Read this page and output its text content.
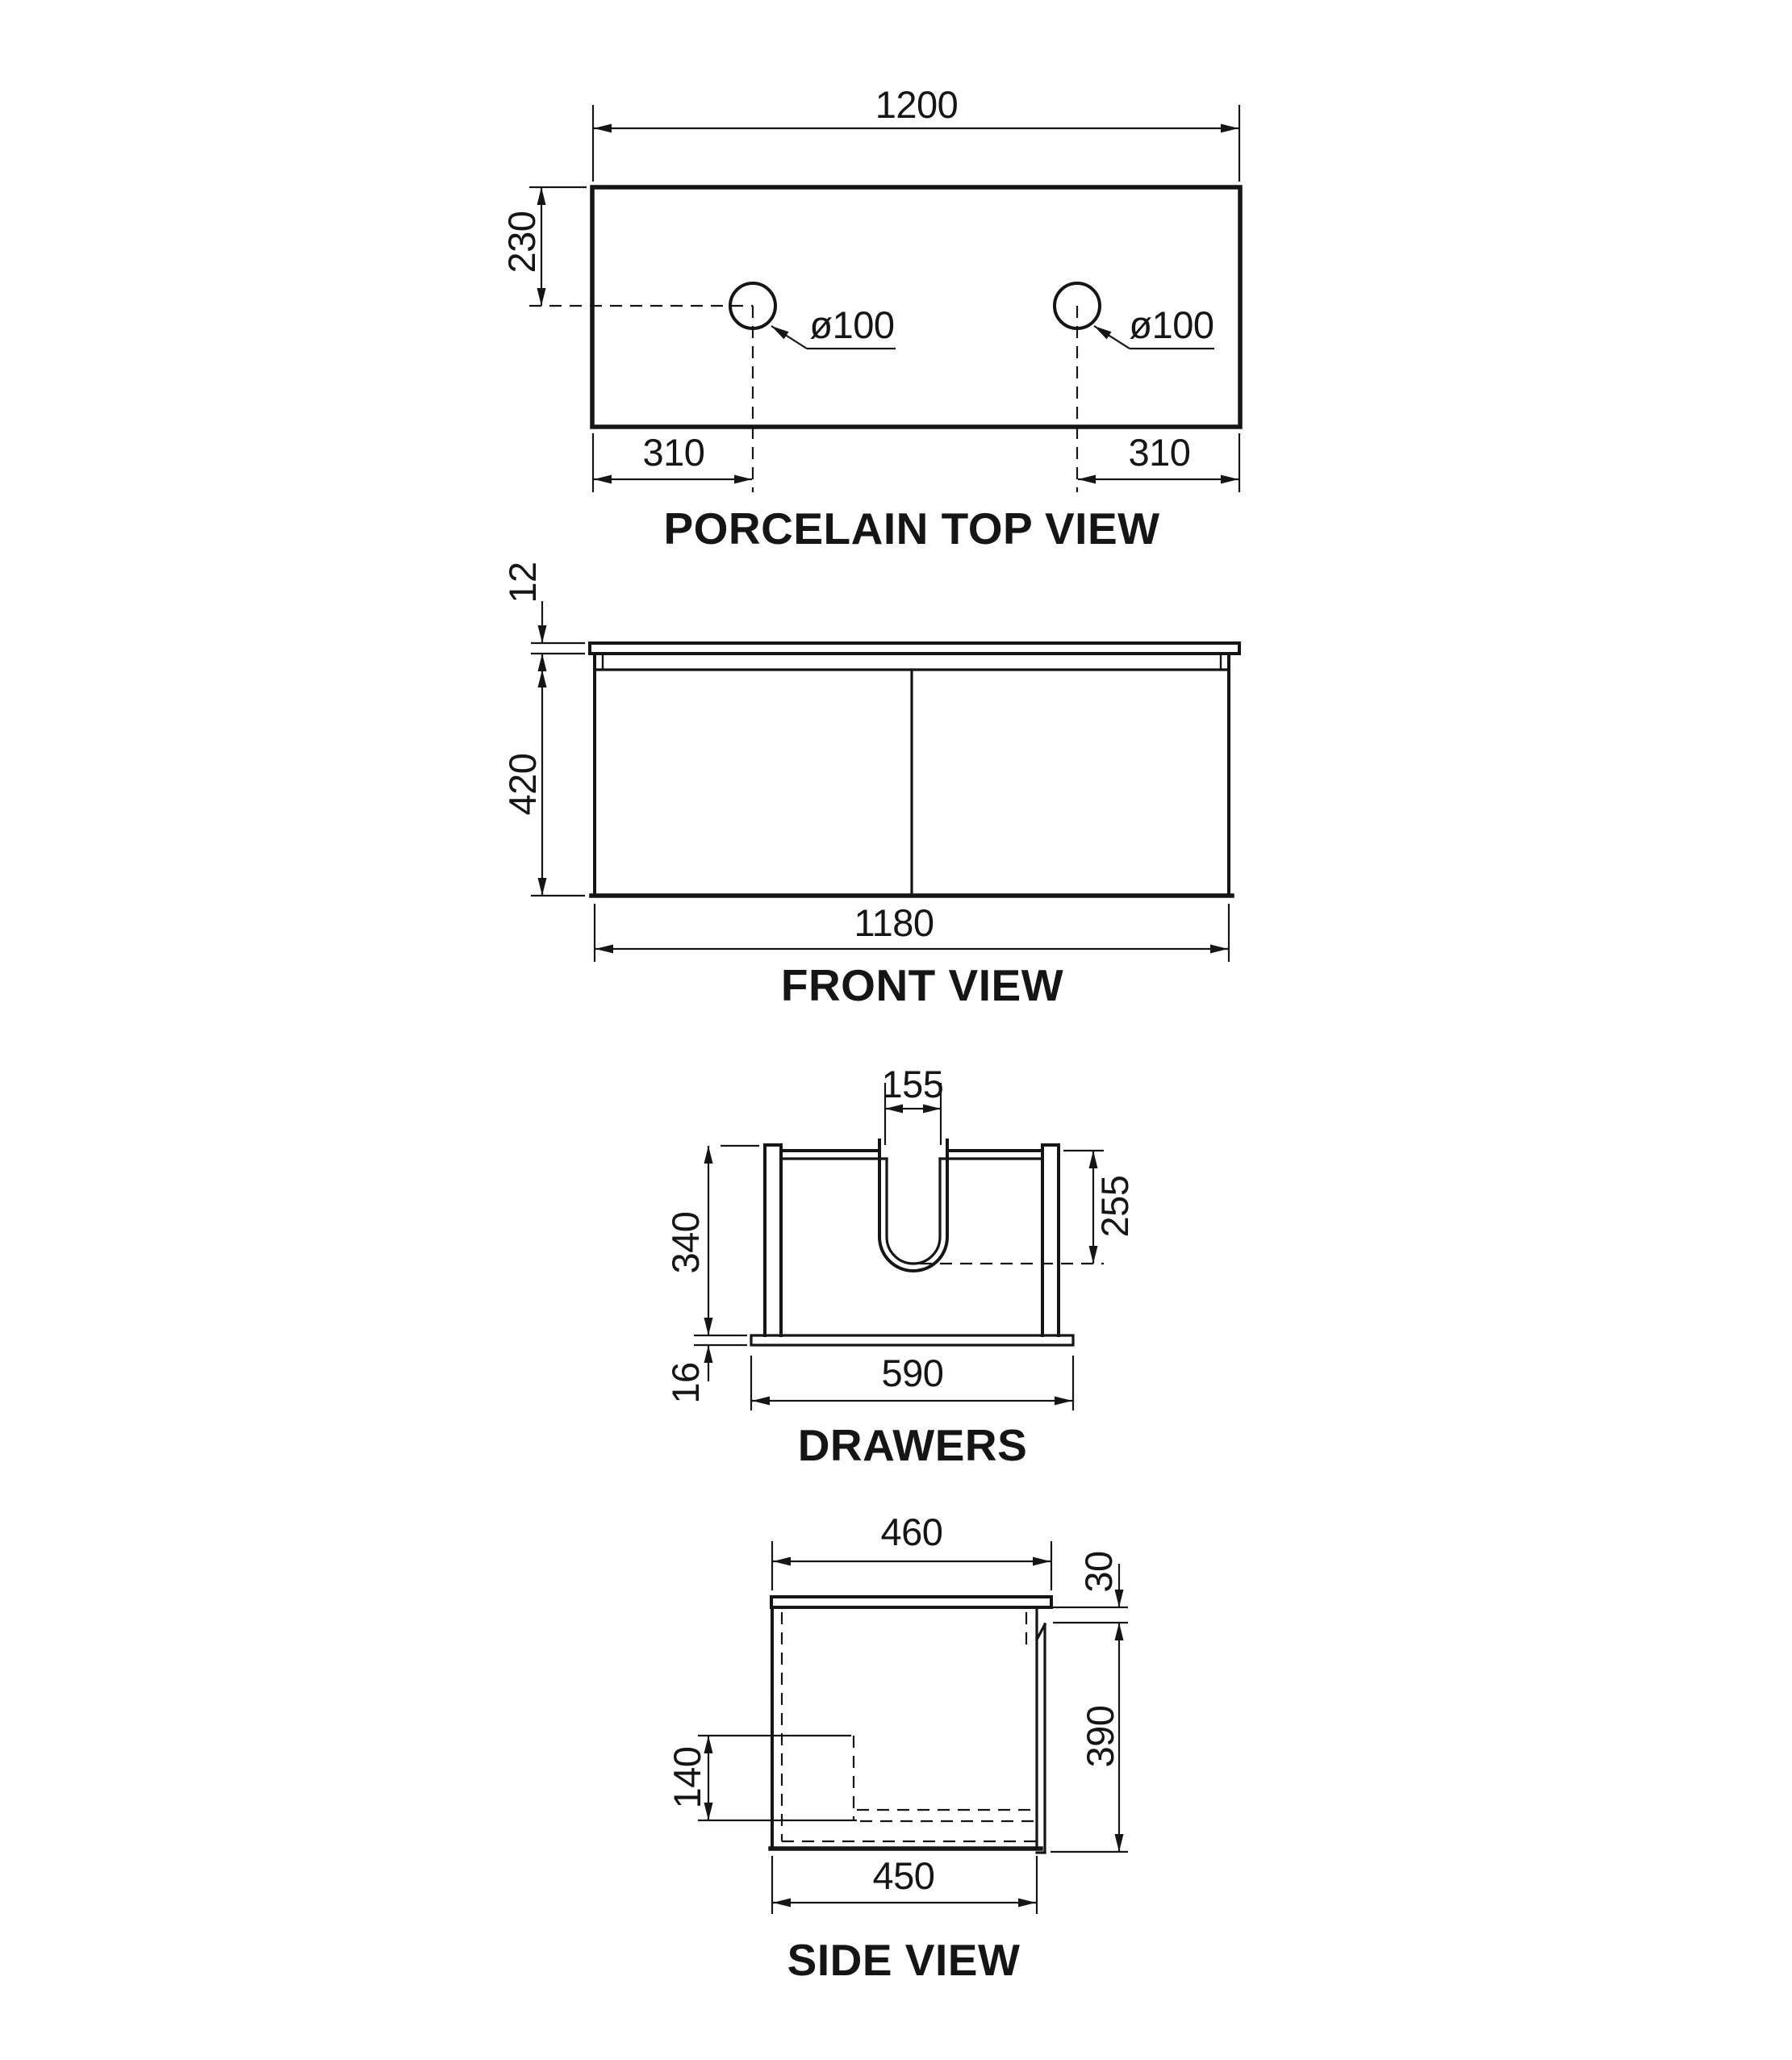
1200
230
310	310
ø100	ø100
PORCELAIN TOP VIEW
12
420
1180
FRONT VIEW
155
340
16
255
590
DRAWERS
460
30
390
140
450
SIDE VIEW
